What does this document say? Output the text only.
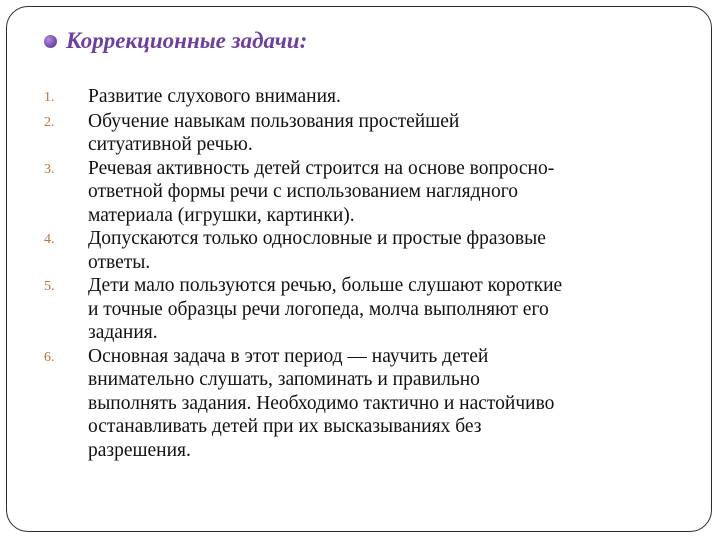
Коррекционные задачи:
1.	Развитие слухового внимания.
2.	Обучение навыкам пользования простейшей
ситуативной речью.
3.	Речевая активность детей строится на основе вопросно-
ответной формы речи с использованием наглядного
материала (игрушки, картинки).
4.	Допускаются только однословные и простые фразовые
ответы.
5.	Дети мало пользуются речью, больше слушают короткие
и точные образцы речи логопеда, молча выполняют его
задания.
6.	Основная задача в этот период — научить детей
внимательно слушать, запоминать и правильно
выполнять задания. Необходимо тактично и настойчиво
останавливать детей при их высказываниях без
разрешения.
